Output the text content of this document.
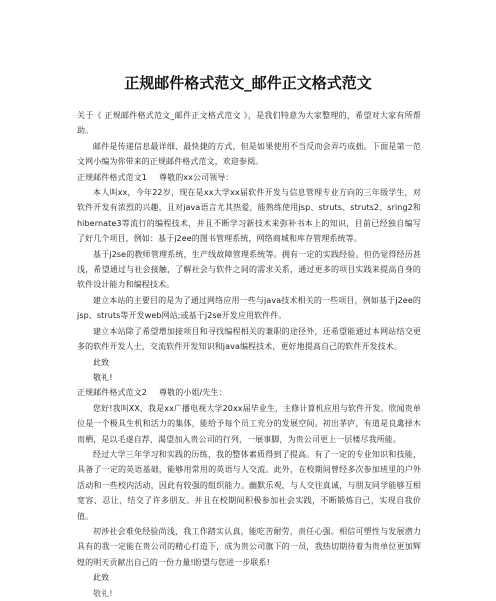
正规邮件格式范文_邮件正文格式范文

关于《 正规邮件格式范文_邮件正文格式范文 》，是我们特意为大家整理的，希望对大家有所帮助。

邮件是传递信息最详细、最快捷的方式，但是如果使用不当反而会弄巧成拙。下面是第一范文网小编为你带来的正规邮件格式范文，欢迎参阅。

正规邮件格式范文1 尊敬的xx公司领导：

本人叫xx，今年22岁，现在是xx大学xx届软件开发与信息管理专业方向的三年级学生，对软件开发有浓烈的兴趣，且对java语言尤其热爱，能熟练使用jsp、struts、struts2、sring2和hibernate3等流行的编程技术，并且不断学习新技术来弥补书本上的知识，目前已经独自编写了好几个项目，例如：基于j2ee的图书管理系统，网络商城和库存管理系统等。

基于j2se的教师管理系统，生产线故障管理系统等。拥有一定的实践经验。但仍觉得经历甚浅，希望通过与社会接触，了解社会与软件之间的需求关系，通过更多的项目实践来提高自身的软件设计能力和编程技术。

建立本站的主要目的是为了通过网络应用一些与java技术相关的一些项目，例如基于j2ee的jsp、struts等开发web网站;或基于j2se开发应用软件件。

建立本站除了希望增加接项目和寻找编程相关的兼职的途径外，还希望能通过本网站结交更多的软件开发人士，交流软件开发知识和java编程技术，更好地提高自己的软件开发技术。

此致

敬礼!

正规邮件格式范文2 尊敬的小姐/先生：

您好!我叫XX，我是xx广播电视大学20xx届毕业生，主修计算机应用与软件开发。欣闻贵单位是一个极具生机和活力的集体，能给予每个员工充分的发展空间。初出茅庐，有道是良禽择木而栖，是以毛遂自荐，渴望加入贵公司的行列，一展事脚，为贵公司更上一层楼尽我所能。

经过大学三年学习和实践的历练，我的整体素质得到了提高。有了一定的专业知识和技能，具备了一定的英语基础，能够用常用的英语与人交流。此外，在校期间曾经多次参加班里的户外活动和一些校内活动，因此有较强的组织能力。幽默乐观，与人交往真诚，与朋友同学能够互相宽容、忍让，结交了许多朋友。并且在校期间积极参加社会实践，不断锻炼自己，实现自我价值。

初涉社会难免经验尚浅，我工作踏实认真，能吃苦耐劳，责任心强。相信可塑性与发展潜力具有的我一定能在贵公司的精心打造下，成为贵公司旗下的一员，我热切期待着为贵单位更加辉煌的明天贡献出自己的一份力量!盼望与您进一步联系!

此致

敬礼!
